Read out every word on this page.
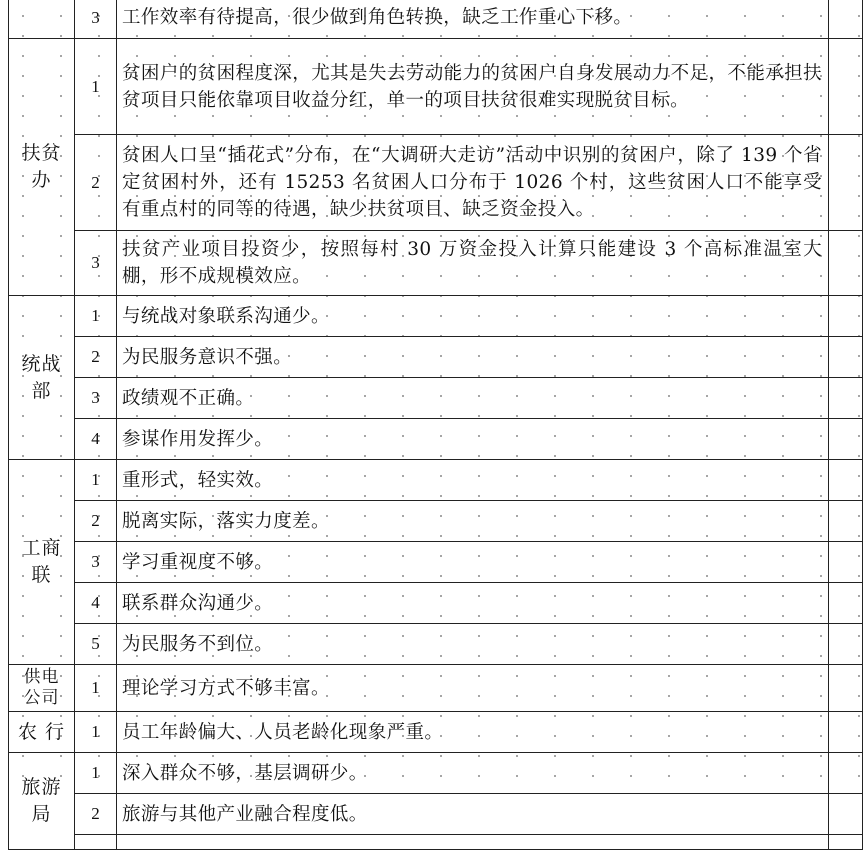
	3	工作效率有待提高，很少做到角色转换，缺乏工作重心下移。	
扶贫办	1	贫困户的贫困程度深，尤其是失去劳动能力的贫困户自身发展动力不足，不能承担扶贫项目只能依靠项目收益分红，单一的项目扶贫很难实现脱贫目标。	
	2	贫困人口呈“插花式”分布，在“大调研大走访”活动中识别的贫困户，除了 139 个省定贫困村外，还有 15253 名贫困人口分布于 1026 个村，这些贫困人口不能享受有重点村的同等的待遇，缺少扶贫项目、缺乏资金投入。	
	3	扶贫产业项目投资少，按照每村 30 万资金投入计算只能建设 3 个高标准温室大棚，形不成规模效应。	
统战部	1	与统战对象联系沟通少。	
	2	为民服务意识不强。	
	3	政绩观不正确。	
	4	参谋作用发挥少。	
工商联	1	重形式，轻实效。	
	2	脱离实际，落实力度差。	
	3	学习重视度不够。	
	4	联系群众沟通少。	
	5	为民服务不到位。	
供电公司	1	理论学习方式不够丰富。	
农 行	1	员工年龄偏大、人员老龄化现象严重。	
旅游局	1	深入群众不够，基层调研少。	
	2	旅游与其他产业融合程度低。	
